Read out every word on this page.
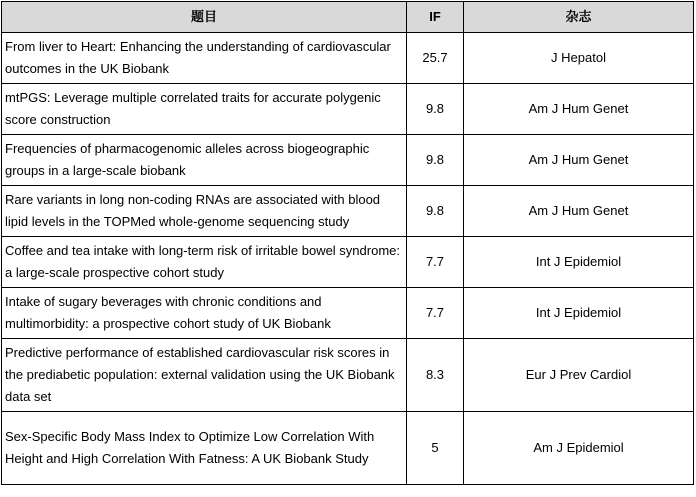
题目	IF	杂志
From liver to Heart: Enhancing the understanding of cardiovascular outcomes in the UK Biobank	25.7	J Hepatol
mtPGS: Leverage multiple correlated traits for accurate polygenic score construction	9.8	Am J Hum Genet
Frequencies of pharmacogenomic alleles across biogeographic groups in a large-scale biobank	9.8	Am J Hum Genet
Rare variants in long non-coding RNAs are associated with blood lipid levels in the TOPMed whole-genome sequencing study	9.8	Am J Hum Genet
Coffee and tea intake with long-term risk of irritable bowel syndrome: a large-scale prospective cohort study	7.7	Int J Epidemiol
Intake of sugary beverages with chronic conditions and multimorbidity: a prospective cohort study of UK Biobank	7.7	Int J Epidemiol
Predictive performance of established cardiovascular risk scores in the prediabetic population: external validation using the UK Biobank data set	8.3	Eur J Prev Cardiol
Sex-Specific Body Mass Index to Optimize Low Correlation With Height and High Correlation With Fatness: A UK Biobank Study	5	Am J Epidemiol
